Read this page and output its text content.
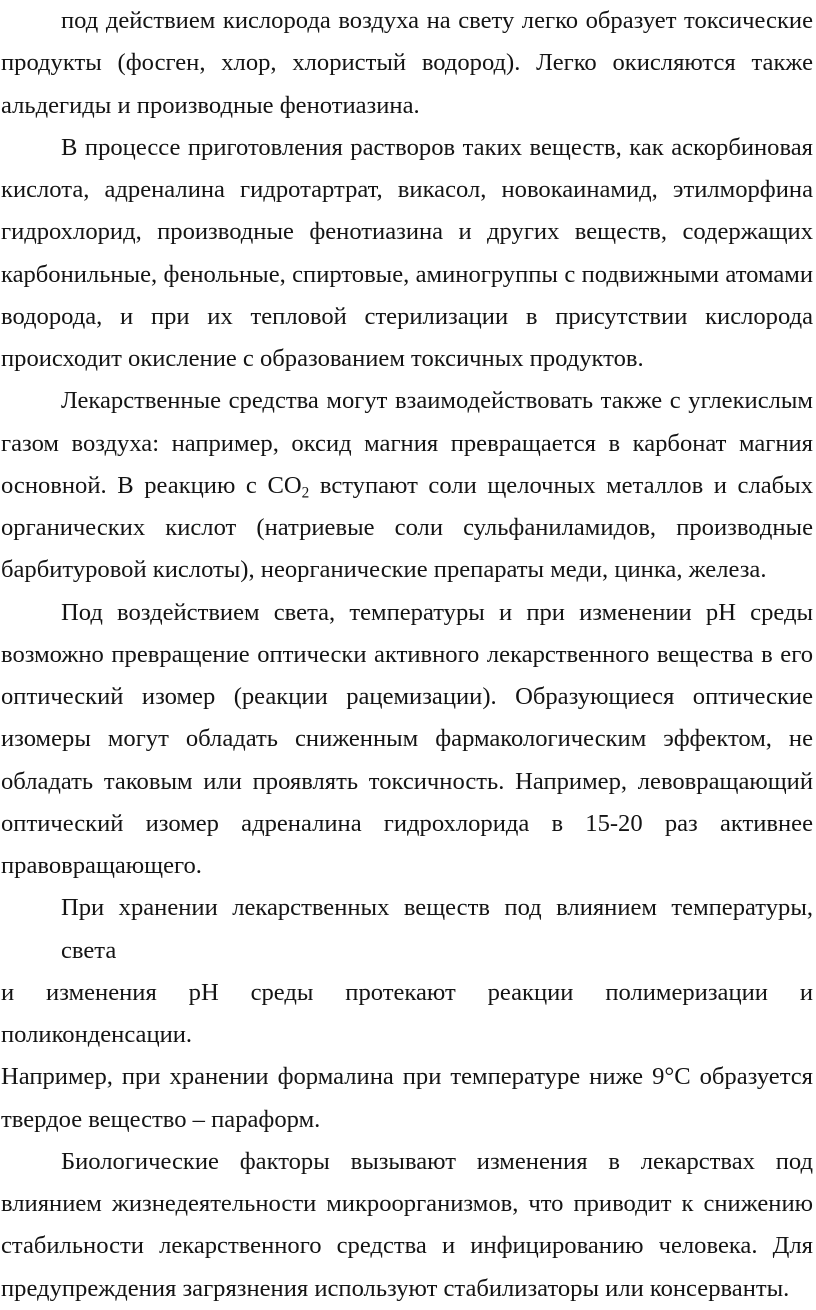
под действием кислорода воздуха на свету легко образует токсические
продукты (фосген, хлор, хлористый водород). Легко окисляются также
альдегиды и производные фенотиазина.
В процессе приготовления растворов таких веществ, как аскорбиновая
кислота, адреналина гидротартрат, викасол, новокаинамид, этилморфина
гидрохлорид, производные фенотиазина и других веществ, содержащих
карбонильные, фенольные, спиртовые, аминогруппы с подвижными атомами
водорода, и при их тепловой стерилизации в присутствии кислорода
происходит окисление с образованием токсичных продуктов.
Лекарственные средства могут взаимодействовать также с углекислым
газом воздуха: например, оксид магния превращается в карбонат магния
основной. В реакцию с $CO_2$ вступают соли щелочных металлов и слабых
органических кислот (натриевые соли сульфаниламидов, производные
барбитуровой кислоты), неорганические препараты меди, цинка, железа.
Под воздействием света, температуры и при изменении pH среды
возможно превращение оптически активного лекарственного вещества в его
оптический изомер (реакции рацемизации). Образующиеся оптические
изомеры могут обладать сниженным фармакологическим эффектом, не
обладать таковым или проявлять токсичность. Например, левовращающий
оптический изомер адреналина гидрохлорида в 15-20 раз активнее
правовращающего.
При хранении лекарственных веществ под влиянием температуры, света
и изменения pH среды протекают реакции полимеризации и поликонденсации.
Например, при хранении формалина при температуре ниже 9°C образуется
твердое вещество – параформ.
Биологические факторы вызывают изменения в лекарствах под
влиянием жизнедеятельности микроорганизмов, что приводит к снижению
стабильности лекарственного средства и инфицированию человека. Для
предупреждения загрязнения используют стабилизаторы или консерванты.
